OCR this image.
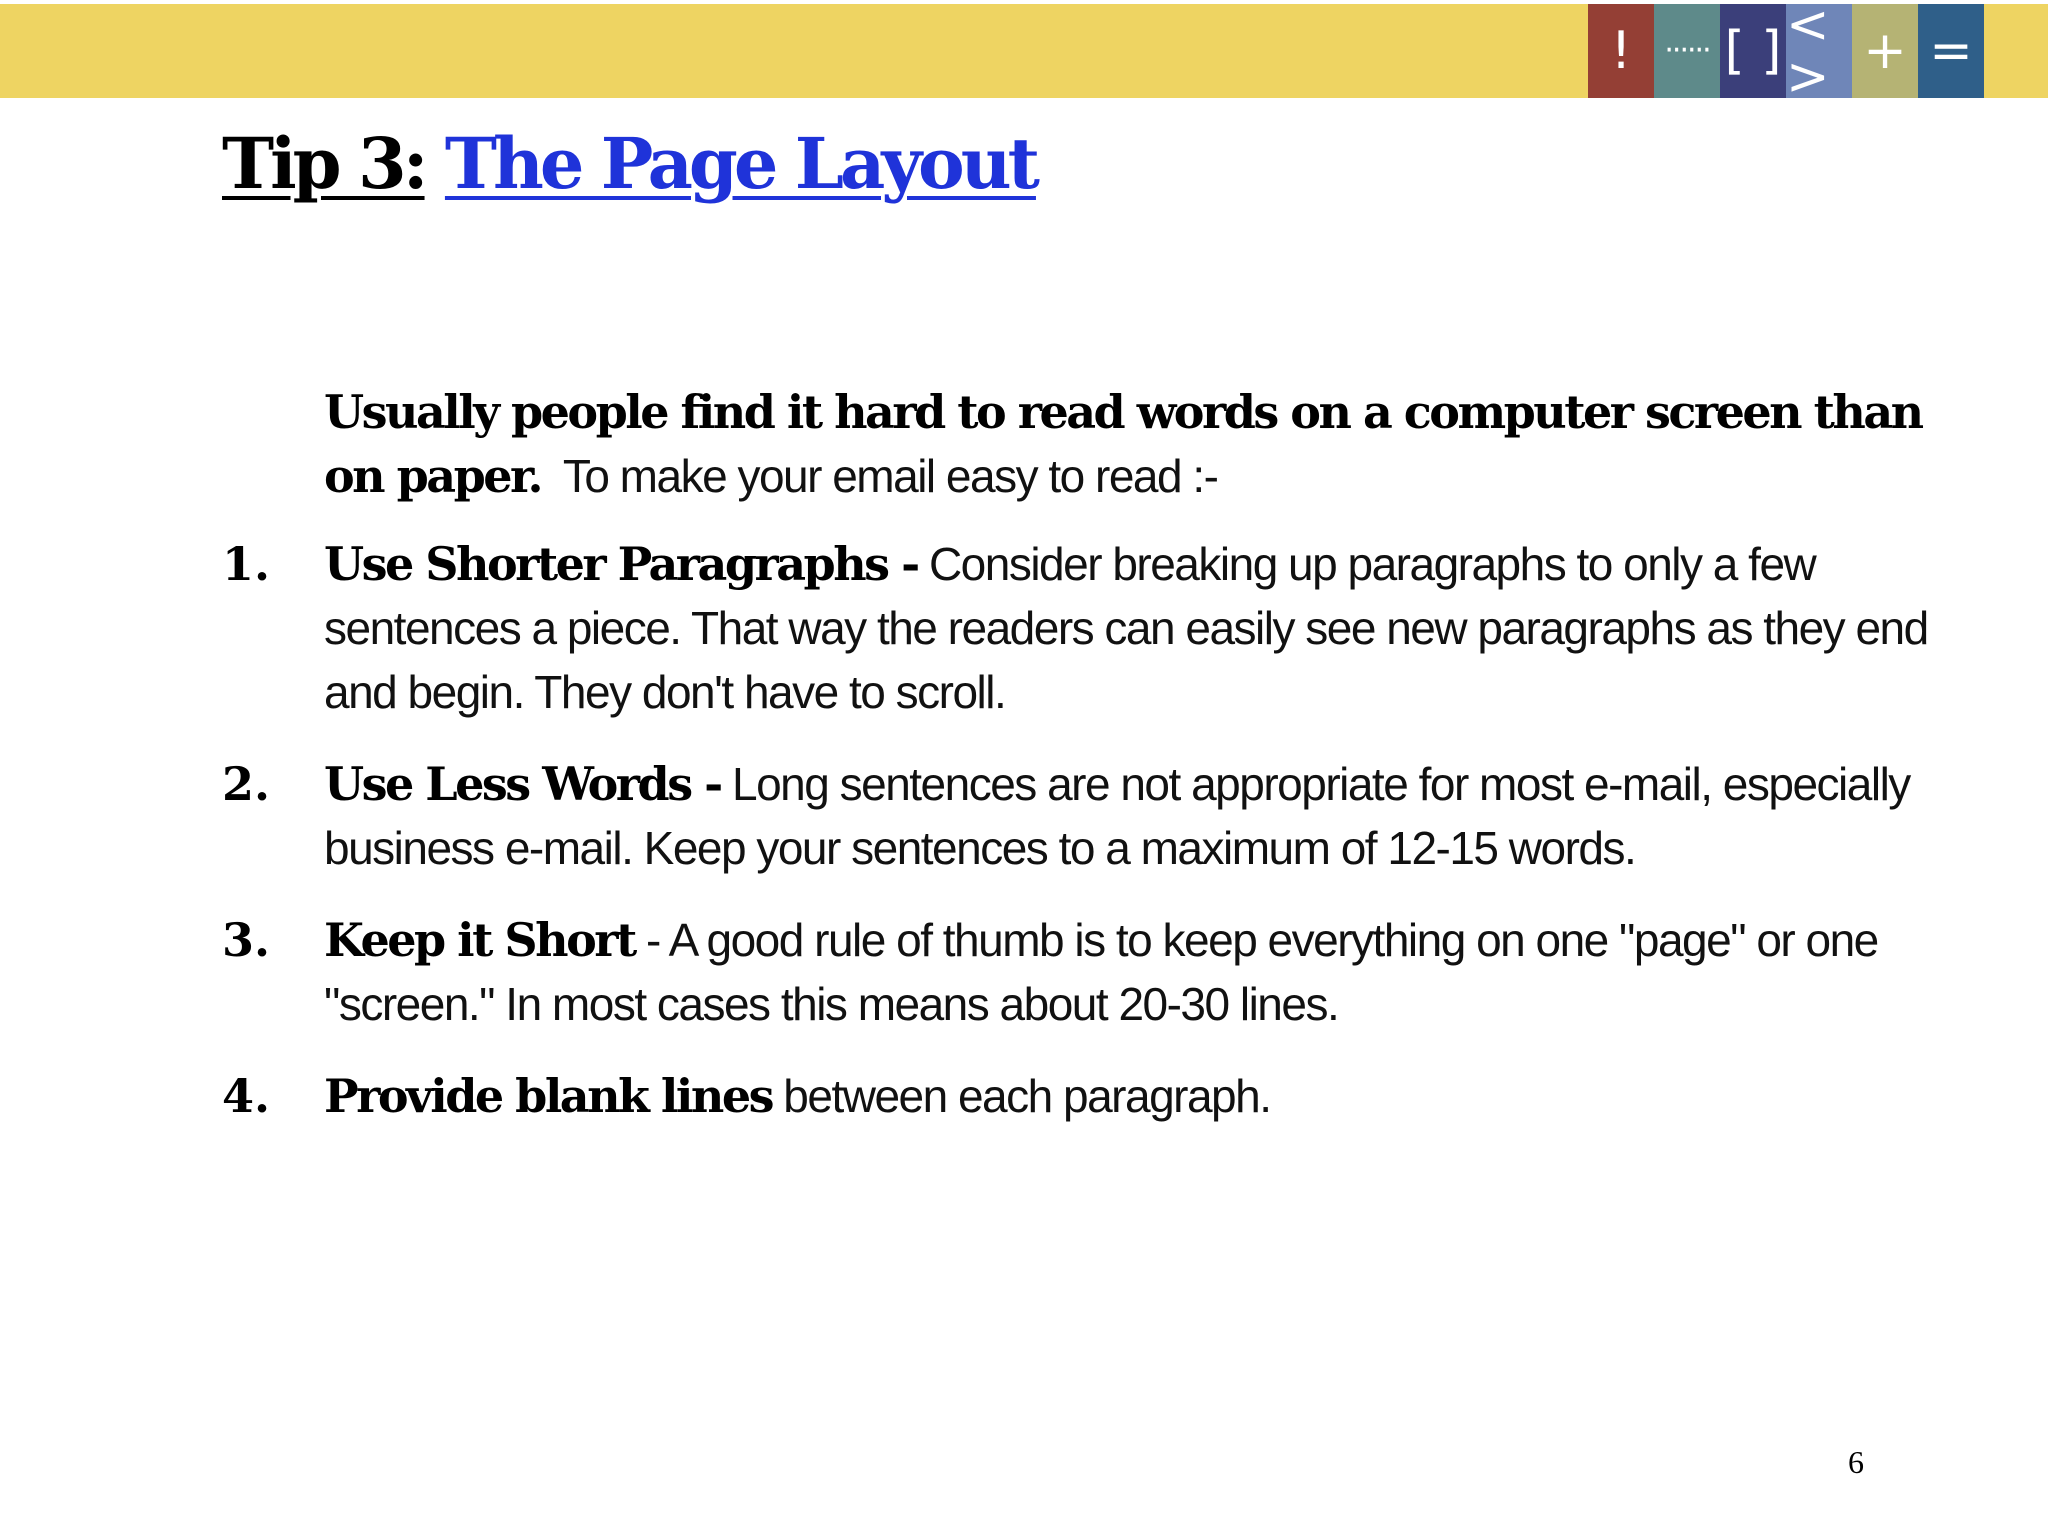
!	······ [ ] < > + =
Tip 3: The Page Layout

Usually people find it hard to read words on a computer screen than on paper. To make your email easy to read :-

1.	Use Shorter Paragraphs - Consider breaking up paragraphs to only a few sentences a piece. That way the readers can easily see new paragraphs as they end and begin. They don't have to scroll.
2.	Use Less Words - Long sentences are not appropriate for most e-mail, especially business e-mail. Keep your sentences to a maximum of 12-15 words.
3.	Keep it Short - A good rule of thumb is to keep everything on one "page" or one "screen." In most cases this means about 20-30 lines.
4.	Provide blank lines between each paragraph.
6
